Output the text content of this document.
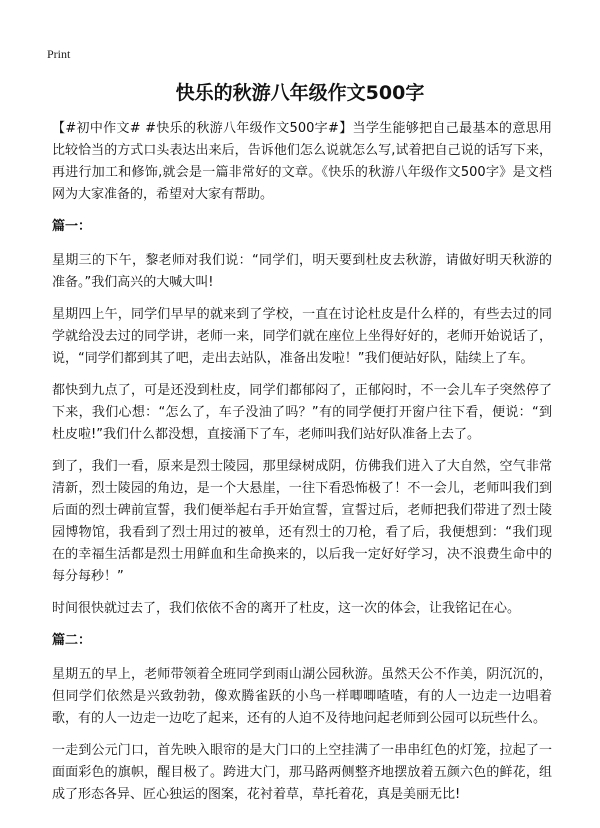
Print
快乐的秋游八年级作文500字

【#初中作文# #快乐的秋游八年级作文500字#】当学生能够把自己最基本的意思用比较恰当的方式口头表达出来后，告诉他们怎么说就怎么写,试着把自己说的话写下来，再进行加工和修饰,就会是一篇非常好的文章。《快乐的秋游八年级作文500字》是文档网为大家准备的，希望对大家有帮助。

篇一：

星期三的下午，黎老师对我们说：“同学们，明天要到杜皮去秋游，请做好明天秋游的准备。”我们高兴的大喊大叫!

星期四上午，同学们早早的就来到了学校，一直在讨论杜皮是什么样的，有些去过的同学就给没去过的同学讲，老师一来，同学们就在座位上坐得好好的，老师开始说话了，说，“同学们都到其了吧，走出去站队，准备出发啦！”我们便站好队，陆续上了车。

都快到九点了，可是还没到杜皮，同学们都郁闷了，正郁闷时，不一会儿车子突然停了下来，我们心想：“怎么了，车子没油了吗？”有的同学便打开窗户往下看，便说：“到杜皮啦!”我们什么都没想，直接涌下了车，老师叫我们站好队准备上去了。

到了，我们一看，原来是烈士陵园，那里绿树成阴，仿佛我们进入了大自然，空气非常清新，烈士陵园的角边，是一个大悬崖，一往下看恐怖极了！不一会儿，老师叫我们到后面的烈士碑前宣誓，我们便举起右手开始宣誓，宣誓过后，老师把我们带进了烈士陵园博物馆，我看到了烈士用过的被单，还有烈士的刀枪，看了后，我便想到：“我们现在的幸福生活都是烈士用鲜血和生命换来的，以后我一定好好学习，决不浪费生命中的每分每秒！”

时间很快就过去了，我们依依不舍的离开了杜皮，这一次的体会，让我铭记在心。

篇二：

星期五的早上，老师带领着全班同学到雨山湖公园秋游。虽然天公不作美，阴沉沉的，但同学们依然是兴致勃勃，像欢腾雀跃的小鸟一样唧唧喳喳，有的人一边走一边唱着歌，有的人一边走一边吃了起来，还有的人迫不及待地问起老师到公园可以玩些什么。

一走到公元门口，首先映入眼帘的是大门口的上空挂满了一串串红色的灯笼，拉起了一面面彩色的旗帜，醒目极了。跨进大门，那马路两侧整齐地摆放着五颜六色的鲜花，组成了形态各异、匠心独运的图案，花衬着草，草托着花，真是美丽无比!
